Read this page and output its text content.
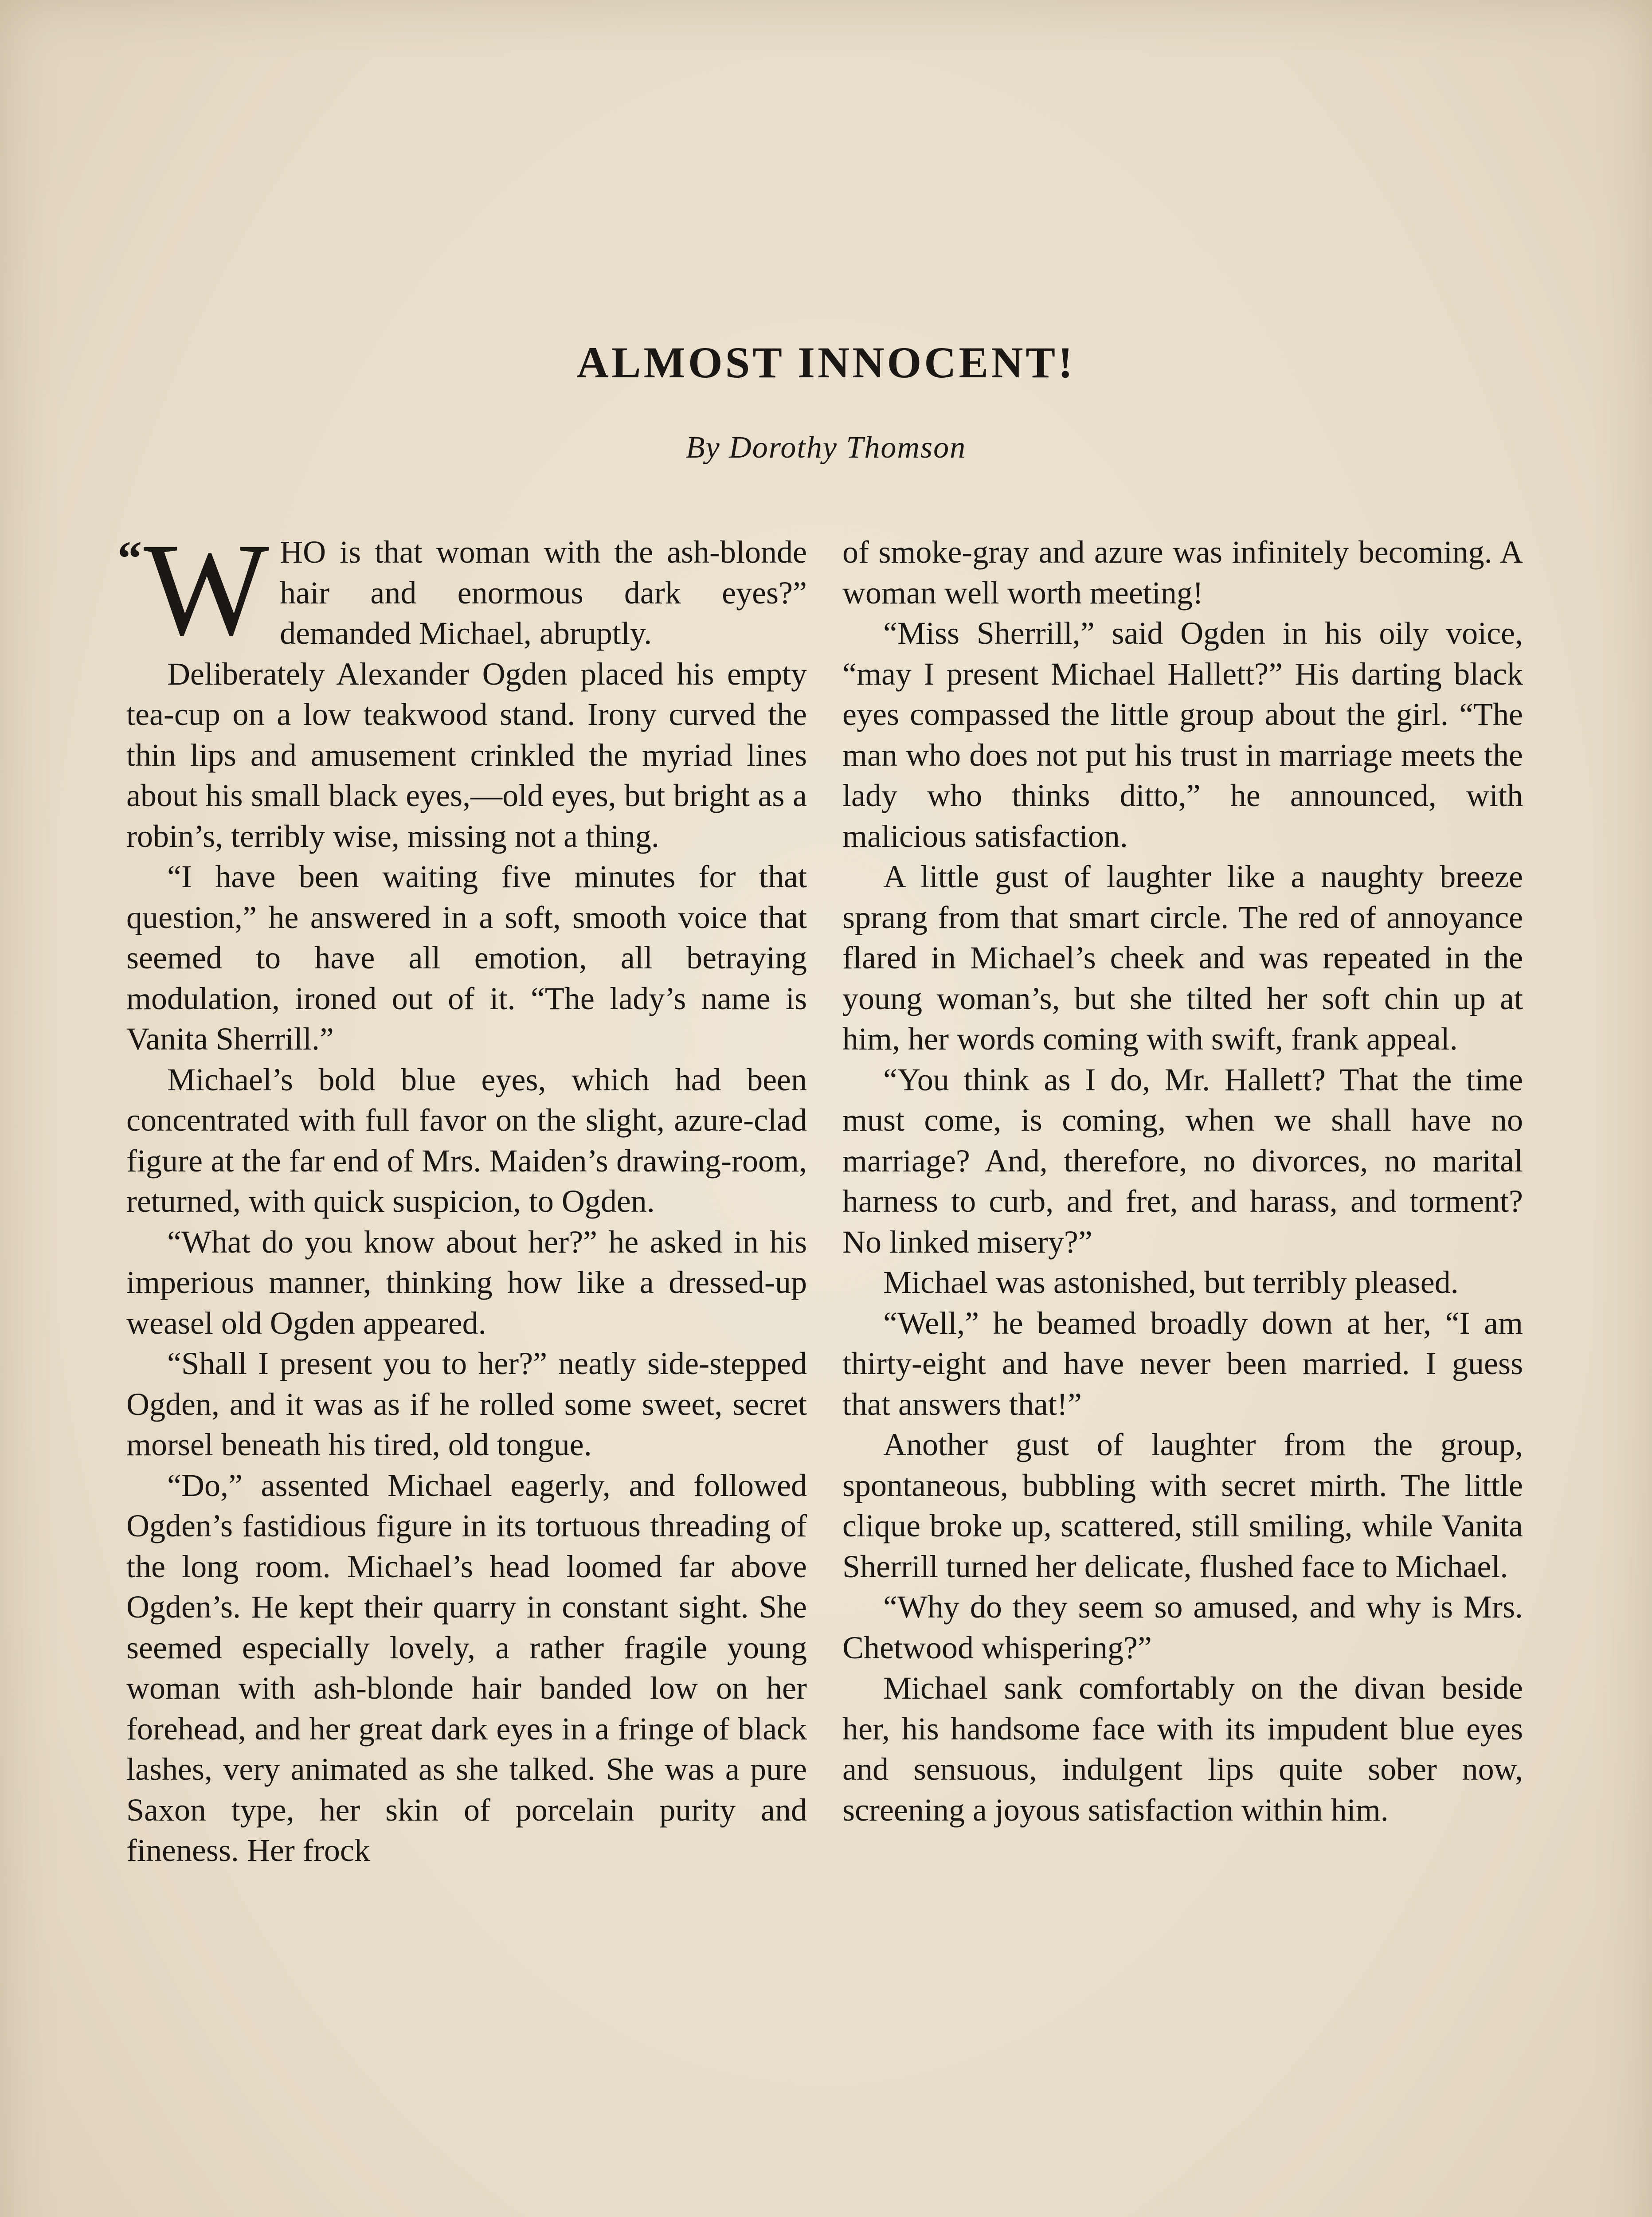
ALMOST INNOCENT!
By Dorothy Thomson

“ W HO is that woman with the ash-blonde hair and enormous dark eyes?” demanded Michael, abruptly.

Deliberately Alexander Ogden placed his empty tea-cup on a low teakwood stand. Irony curved the thin lips and amusement crinkled the myriad lines about his small black eyes,—old eyes, but bright as a robin’s, terribly wise, missing not a thing.

“I have been waiting five minutes for that question,” he answered in a soft, smooth voice that seemed to have all emotion, all betraying modulation, ironed out of it. “The lady’s name is Vanita Sherrill.”

Michael’s bold blue eyes, which had been concentrated with full favor on the slight, azure-clad figure at the far end of Mrs. Maiden’s drawing-room, returned, with quick suspicion, to Ogden.

“What do you know about her?” he asked in his imperious manner, thinking how like a dressed-up weasel old Ogden appeared.

“Shall I present you to her?” neatly side-stepped Ogden, and it was as if he rolled some sweet, secret morsel beneath his tired, old tongue.

“Do,” assented Michael eagerly, and followed Ogden’s fastidious figure in its tortuous threading of the long room. Michael’s head loomed far above Ogden’s. He kept their quarry in constant sight. She seemed especially lovely, a rather fragile young woman with ash-blonde hair banded low on her forehead, and her great dark eyes in a fringe of black lashes, very animated as she talked. She was a pure Saxon type, her skin of porcelain purity and fineness. Her frock

of smoke-gray and azure was infinitely becoming. A woman well worth meeting!

“Miss Sherrill,” said Ogden in his oily voice, “may I present Michael Hallett?” His darting black eyes compassed the little group about the girl. “The man who does not put his trust in marriage meets the lady who thinks ditto,” he announced, with malicious satisfaction.

A little gust of laughter like a naughty breeze sprang from that smart circle. The red of annoyance flared in Michael’s cheek and was repeated in the young woman’s, but she tilted her soft chin up at him, her words coming with swift, frank appeal.

“You think as I do, Mr. Hallett? That the time must come, is coming, when we shall have no marriage? And, therefore, no divorces, no marital harness to curb, and fret, and harass, and torment? No linked misery?”

Michael was astonished, but terribly pleased.

“Well,” he beamed broadly down at her, “I am thirty-eight and have never been married. I guess that answers that!”

Another gust of laughter from the group, spontaneous, bubbling with secret mirth. The little clique broke up, scattered, still smiling, while Vanita Sherrill turned her delicate, flushed face to Michael.

“Why do they seem so amused, and why is Mrs. Chetwood whispering?”

Michael sank comfortably on the divan beside her, his handsome face with its impudent blue eyes and sensuous, indulgent lips quite sober now, screening a joyous satisfaction within him.
